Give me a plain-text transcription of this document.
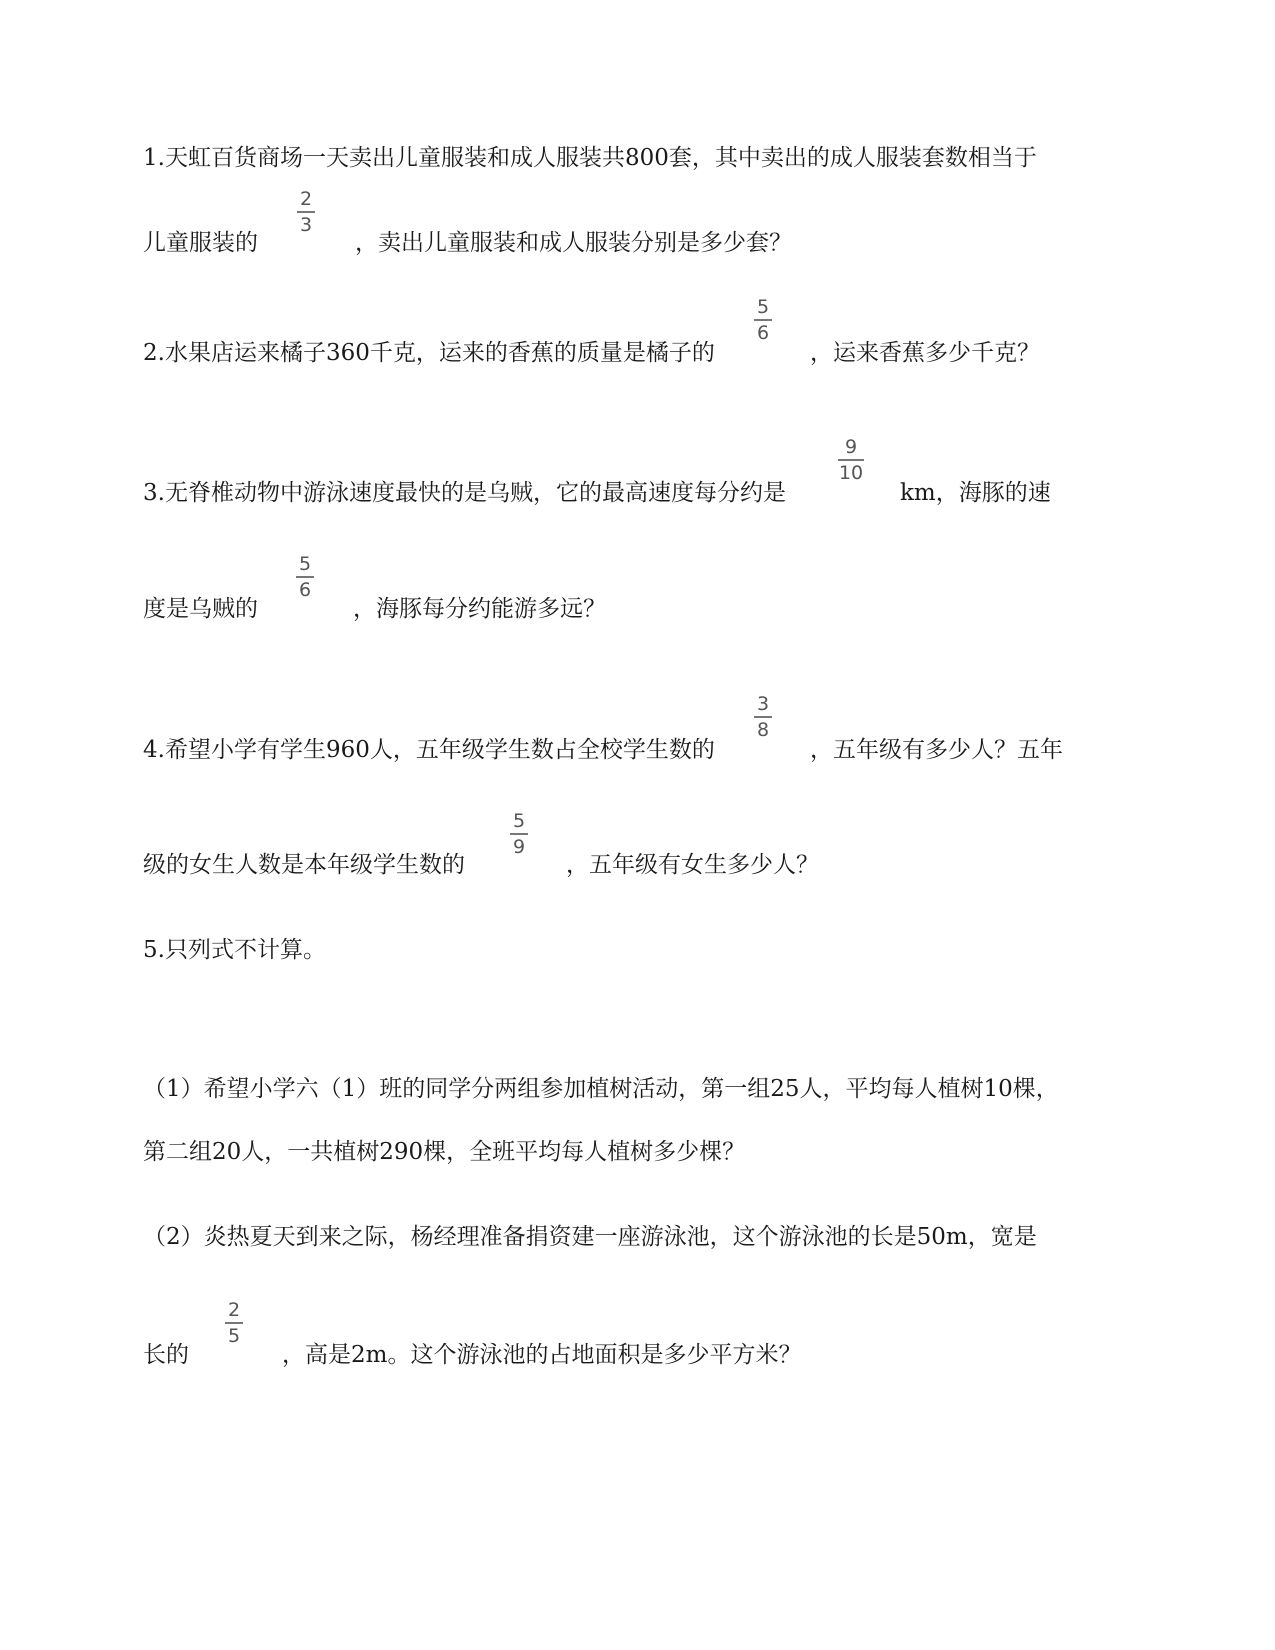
1.天虹百货商场一天卖出儿童服装和成人服装共800套，其中卖出的成人服装套数相当于
儿童服装的
2
3
，卖出儿童服装和成人服装分别是多少套？
2.水果店运来橘子360千克，运来的香蕉的质量是橘子的
5
6
，运来香蕉多少千克？
3.无脊椎动物中游泳速度最快的是乌贼，它的最高速度每分约是
9
10
km，海豚的速
度是乌贼的
5
6
，海豚每分约能游多远？
4.希望小学有学生960人，五年级学生数占全校学生数的
3
8
，五年级有多少人？五年
级的女生人数是本年级学生数的
5
9
，五年级有女生多少人？
5.只列式不计算。
（1）希望小学六（1）班的同学分两组参加植树活动，第一组25人，平均每人植树10棵，
第二组20人，一共植树290棵，全班平均每人植树多少棵？
（2）炎热夏天到来之际，杨经理准备捐资建一座游泳池，这个游泳池的长是50m，宽是
长的
2
5
，高是2m。这个游泳池的占地面积是多少平方米？
